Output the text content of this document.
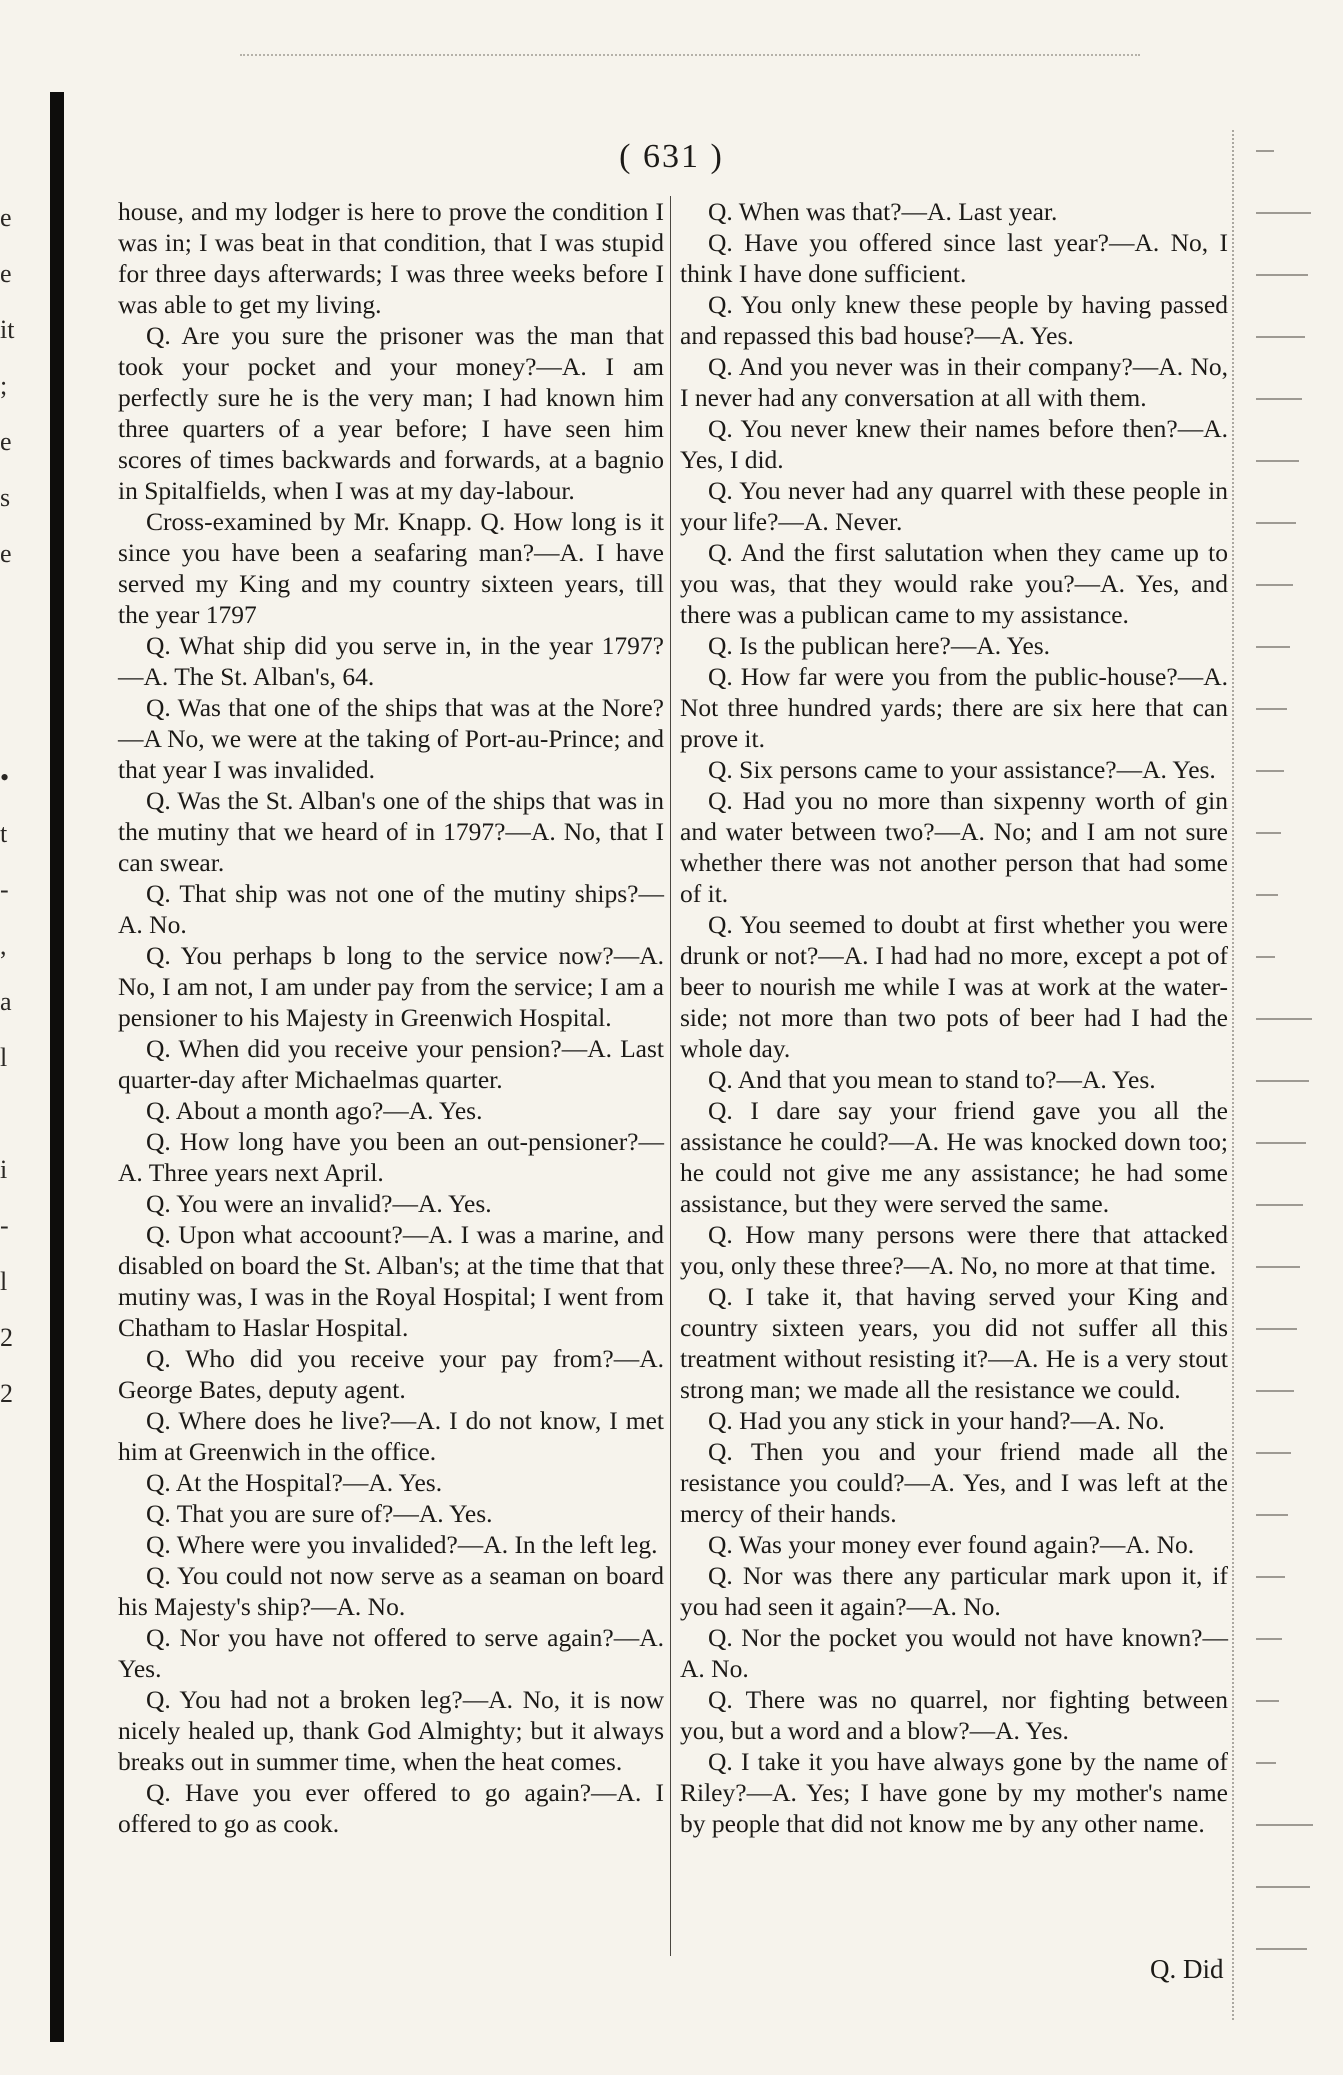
e
e
it
;
e
s
e
•
t
-
,
a
l
i
-
l
2
2
( 631 )

house, and my lodger is here to prove the condition I was in; I was beat in that condition, that I was stupid for three days afterwards; I was three weeks before I was able to get my living.

Q. Are you sure the prisoner was the man that took your pocket and your money?—A. I am perfectly sure he is the very man; I had known him three quarters of a year before; I have seen him scores of times backwards and forwards, at a bagnio in Spitalfields, when I was at my day-labour.

Cross-examined by Mr. Knapp. Q. How long is it since you have been a seafaring man?—A. I have served my King and my country sixteen years, till the year 1797

Q. What ship did you serve in, in the year 1797?—A. The St. Alban's, 64.

Q. Was that one of the ships that was at the Nore?—A No, we were at the taking of Port-au-Prince; and that year I was invalided.

Q. Was the St. Alban's one of the ships that was in the mutiny that we heard of in 1797?—A. No, that I can swear.

Q. That ship was not one of the mutiny ships?—A. No.

Q. You perhaps b long to the service now?—A. No, I am not, I am under pay from the service; I am a pensioner to his Majesty in Greenwich Hospital.

Q. When did you receive your pension?—A. Last quarter-day after Michaelmas quarter.

Q. About a month ago?—A. Yes.

Q. How long have you been an out-pensioner?—A. Three years next April.

Q. You were an invalid?—A. Yes.

Q. Upon what accoount?—A. I was a marine, and disabled on board the St. Alban's; at the time that that mutiny was, I was in the Royal Hospital; I went from Chatham to Haslar Hospital.

Q. Who did you receive your pay from?—A. George Bates, deputy agent.

Q. Where does he live?—A. I do not know, I met him at Greenwich in the office.

Q. At the Hospital?—A. Yes.

Q. That you are sure of?—A. Yes.

Q. Where were you invalided?—A. In the left leg.

Q. You could not now serve as a seaman on board his Majesty's ship?—A. No.

Q. Nor you have not offered to serve again?—A. Yes.

Q. You had not a broken leg?—A. No, it is now nicely healed up, thank God Almighty; but it always breaks out in summer time, when the heat comes.

Q. Have you ever offered to go again?—A. I offered to go as cook.

Q. When was that?—A. Last year.

Q. Have you offered since last year?—A. No, I think I have done sufficient.

Q. You only knew these people by having passed and repassed this bad house?—A. Yes.

Q. And you never was in their company?—A. No, I never had any conversation at all with them.

Q. You never knew their names before then?—A. Yes, I did.

Q. You never had any quarrel with these people in your life?—A. Never.

Q. And the first salutation when they came up to you was, that they would rake you?—A. Yes, and there was a publican came to my assistance.

Q. Is the publican here?—A. Yes.

Q. How far were you from the public-house?—A. Not three hundred yards; there are six here that can prove it.

Q. Six persons came to your assistance?—A. Yes.

Q. Had you no more than sixpenny worth of gin and water between two?—A. No; and I am not sure whether there was not another person that had some of it.

Q. You seemed to doubt at first whether you were drunk or not?—A. I had had no more, except a pot of beer to nourish me while I was at work at the water-side; not more than two pots of beer had I had the whole day.

Q. And that you mean to stand to?—A. Yes.

Q. I dare say your friend gave you all the assistance he could?—A. He was knocked down too; he could not give me any assistance; he had some assistance, but they were served the same.

Q. How many persons were there that attacked you, only these three?—A. No, no more at that time.

Q. I take it, that having served your King and country sixteen years, you did not suffer all this treatment without resisting it?—A. He is a very stout strong man; we made all the resistance we could.

Q. Had you any stick in your hand?—A. No.

Q. Then you and your friend made all the resistance you could?—A. Yes, and I was left at the mercy of their hands.

Q. Was your money ever found again?—A. No.

Q. Nor was there any particular mark upon it, if you had seen it again?—A. No.

Q. Nor the pocket you would not have known?—A. No.

Q. There was no quarrel, nor fighting between you, but a word and a blow?—A. Yes.

Q. I take it you have always gone by the name of Riley?—A. Yes; I have gone by my mother's name by people that did not know me by any other name.

Q. Did
